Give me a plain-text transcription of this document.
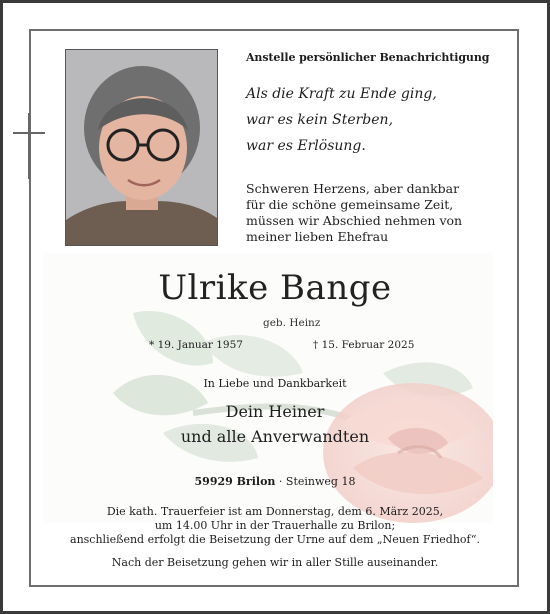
Anstelle persönlicher Benachrichtigung
Als die Kraft zu Ende ging,
war es kein Sterben,
war es Erlösung.
Schweren Herzens, aber dankbar
für die schöne gemeinsame Zeit,
müssen wir Abschied nehmen von
meiner lieben Ehefrau
Ulrike Bange
geb. Heinz
* 19. Januar 1957	† 15. Februar 2025
In Liebe und Dankbarkeit
Dein Heiner
und alle Anverwandten
59929 Brilon · Steinweg 18
Die kath. Trauerfeier ist am Donnerstag, dem 6. März 2025,
um 14.00 Uhr in der Trauerhalle zu Brilon;
anschließend erfolgt die Beisetzung der Urne auf dem „Neuen Friedhof“.
Nach der Beisetzung gehen wir in aller Stille auseinander.
